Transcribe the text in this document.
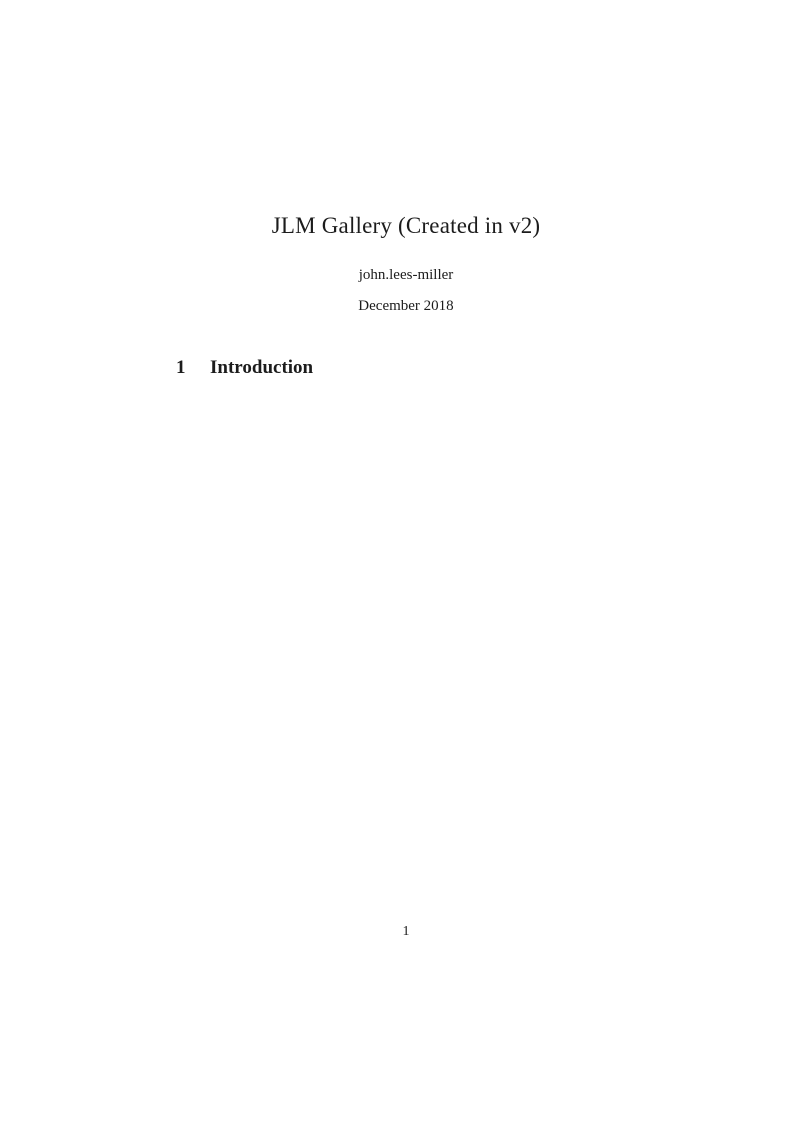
JLM Gallery (Created in v2)
john.lees-miller
December 2018
1	Introduction
1
